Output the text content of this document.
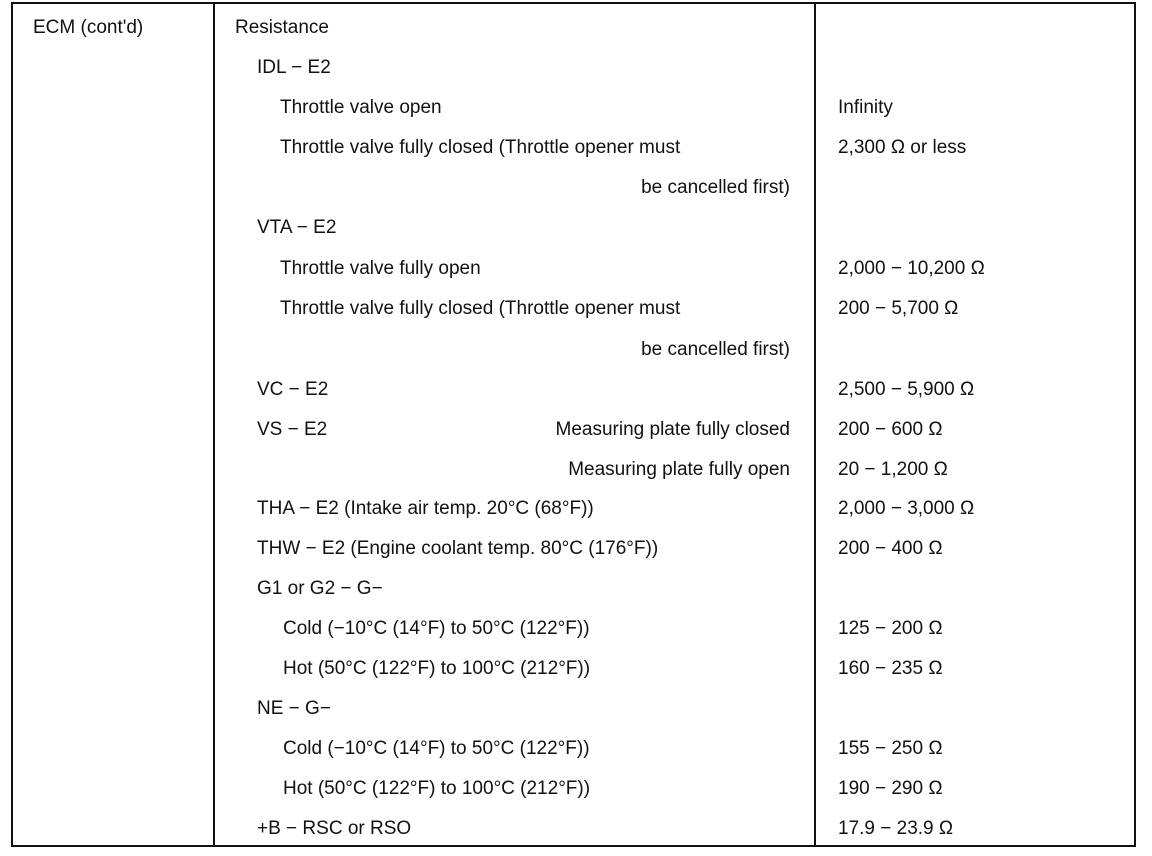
ECM (cont'd)	Resistance
IDL − E2
Throttle valve open	Infinity
Throttle valve fully closed (Throttle opener must	2,300 Ω or less
be cancelled first)
VTA − E2
Throttle valve fully open	2,000 − 10,200 Ω
Throttle valve fully closed (Throttle opener must	200 − 5,700 Ω
be cancelled first)
VC − E2	2,500 − 5,900 Ω
VS − E2	Measuring plate fully closed	200 − 600 Ω
Measuring plate fully open	20 − 1,200 Ω
THA − E2 (Intake air temp. 20°C (68°F))	2,000 − 3,000 Ω
THW − E2 (Engine coolant temp. 80°C (176°F))	200 − 400 Ω
G1 or G2 − G−
Cold (−10°C (14°F) to 50°C (122°F))	125 − 200 Ω
Hot (50°C (122°F) to 100°C (212°F))	160 − 235 Ω
NE − G−
Cold (−10°C (14°F) to 50°C (122°F))	155 − 250 Ω
Hot (50°C (122°F) to 100°C (212°F))	190 − 290 Ω
+B − RSC or RSO	17.9 − 23.9 Ω
